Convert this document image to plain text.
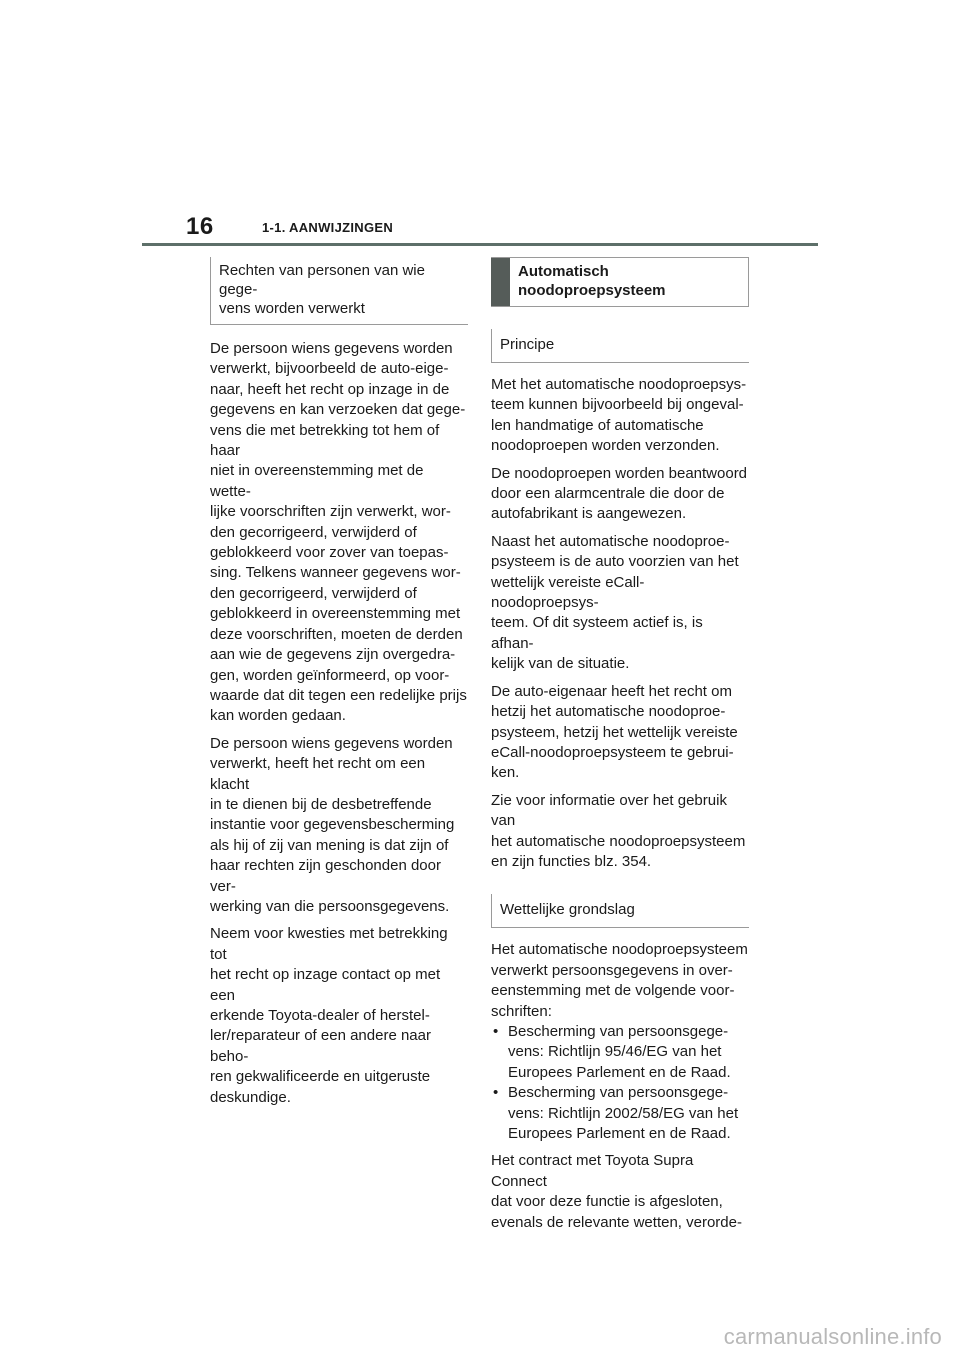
16	1-1. AANWIJZINGEN
Rechten van personen van wie gege-
vens worden verwerkt

De persoon wiens gegevens worden
verwerkt, bijvoorbeeld de auto-eige-
naar, heeft het recht op inzage in de
gegevens en kan verzoeken dat gege-
vens die met betrekking tot hem of haar
niet in overeenstemming met de wette-
lijke voorschriften zijn verwerkt, wor-
den gecorrigeerd, verwijderd of
geblokkeerd voor zover van toepas-
sing. Telkens wanneer gegevens wor-
den gecorrigeerd, verwijderd of
geblokkeerd in overeenstemming met
deze voorschriften, moeten de derden
aan wie de gegevens zijn overgedra-
gen, worden geïnformeerd, op voor-
waarde dat dit tegen een redelijke prijs
kan worden gedaan.

De persoon wiens gegevens worden
verwerkt, heeft het recht om een klacht
in te dienen bij de desbetreffende
instantie voor gegevensbescherming
als hij of zij van mening is dat zijn of
haar rechten zijn geschonden door ver-
werking van die persoonsgegevens.

Neem voor kwesties met betrekking tot
het recht op inzage contact op met een
erkende Toyota-dealer of herstel-
ler/reparateur of een andere naar beho-
ren gekwalificeerde en uitgeruste
deskundige.

Automatisch
noodoproepsysteem
Principe

Met het automatische noodoproepsys-
teem kunnen bijvoorbeeld bij ongeval-
len handmatige of automatische
noodoproepen worden verzonden.

De noodoproepen worden beantwoord
door een alarmcentrale die door de
autofabrikant is aangewezen.

Naast het automatische noodoproe-
psysteem is de auto voorzien van het
wettelijk vereiste eCall-noodoproepsys-
teem. Of dit systeem actief is, is afhan-
kelijk van de situatie.

De auto-eigenaar heeft het recht om
hetzij het automatische noodoproe-
psysteem, hetzij het wettelijk vereiste
eCall-noodoproepsysteem te gebrui-
ken.

Zie voor informatie over het gebruik van
het automatische noodoproepsysteem
en zijn functies blz. 354.

Wettelijke grondslag

Het automatische noodoproepsysteem
verwerkt persoonsgegevens in over-
eenstemming met de volgende voor-
schriften:

• Bescherming van persoonsgege-
vens: Richtlijn 95/46/EG van het
Europees Parlement en de Raad.
• Bescherming van persoonsgege-
vens: Richtlijn 2002/58/EG van het
Europees Parlement en de Raad.

Het contract met Toyota Supra Connect
dat voor deze functie is afgesloten,
evenals de relevante wetten, verorde-

carmanualsonline.info
